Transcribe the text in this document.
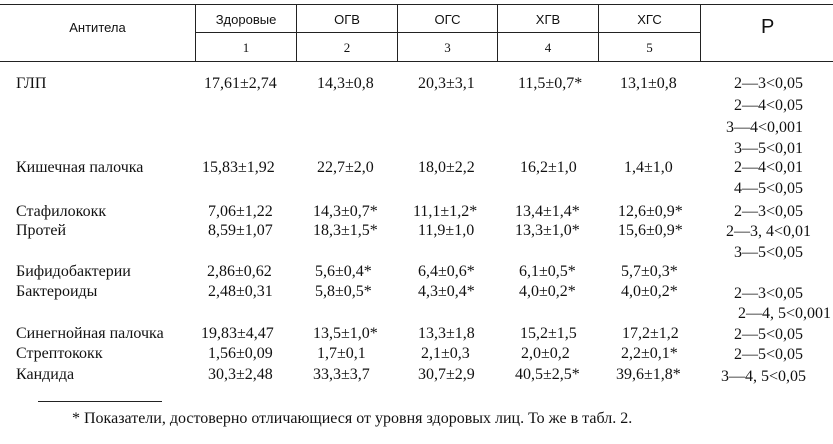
Антитела
Здоровые	ОГВ	ОГС	ХГВ	ХГС	Р
1	2	3	4	5
ГЛП	17,61±2,74	14,3±0,8	20,3±3,1	11,5±0,7* 13,1±0,8	2—3<0,05
2—4<0,05
3—4<0,001
3—5<0,01
Кишечная палочка	15,83±1,92	22,7±2,0	18,0±2,2	16,2±1,0	1,4±1,0	2—4<0,01
4—5<0,05
Стафилококк	7,06±1,22	14,3±0,7* 11,1±1,2* 13,4±1,4* 12,6±0,9*	2—3<0,05
Протей	8,59±1,07	18,3±1,5*	11,9±1,0	13,3±1,0* 15,6±0,9*	2—3, 4<0,01
3—5<0,05
Бифидобактерии	2,86±0,62	5,6±0,4*	6,4±0,6*	6,1±0,5*	5,7±0,3*
Бактероиды	2,48±0,31	5,8±0,5*	4,3±0,4*	4,0±0,2*	4,0±0,2*	2—3<0,05
2—4, 5<0,001
Синегнойная палочка 19,83±4,47 13,5±1,0*	13,3±1,8	15,2±1,5	17,2±1,2	2—5<0,05
Стрептококк	1,56±0,09	1,7±0,1	2,1±0,3	2,0±0,2	2,2±0,1*	2—5<0,05
Кандида	30,3±2,48	33,3±3,7	30,7±2,9	40,5±2,5* 39,6±1,8*	3—4, 5<0,05
* Показатели, достоверно отличающиеся от уровня здоровых лиц. То же в табл. 2.
